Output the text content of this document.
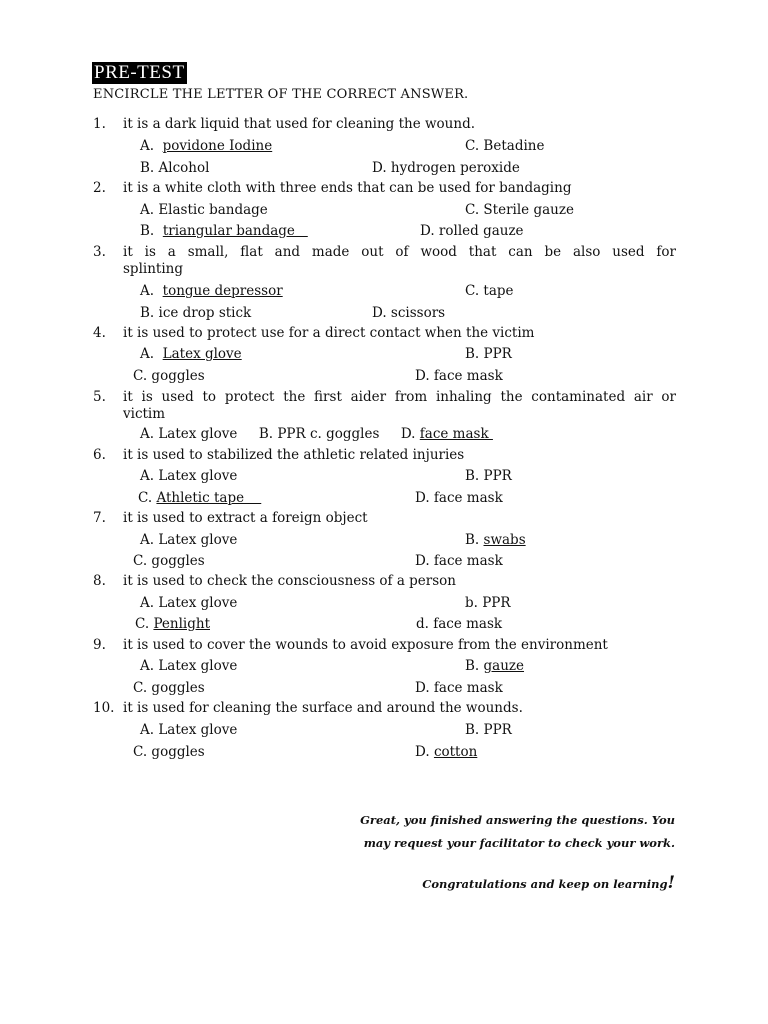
PRE-TEST
ENCIRCLE THE LETTER OF THE CORRECT ANSWER.
1. it is a dark liquid that used for cleaning the wound.
A. povidone Iodine	C. Betadine
B. Alcohol	D. hydrogen peroxide
2. it is a white cloth with three ends that can be used for bandaging
A. Elastic bandage	C. Sterile gauze
B. triangular bandage	D. rolled gauze
3. it is a small, flat and made out of wood that can be also used for
splinting
A. tongue depressor	C. tape
B. ice drop stick	D. scissors
4. it is used to protect use for a direct contact when the victim
A. Latex glove	B. PPR
C. goggles	D. face mask
5. it is used to protect the first aider from inhaling the contaminated air or
victim
A. Latex glove     B. PPR c. goggles     D. face mask
6. it is used to stabilized the athletic related injuries
A. Latex glove	B. PPR
C. Athletic tape	D. face mask
7. it is used to extract a foreign object
A. Latex glove	B. swabs
C. goggles	D. face mask
8. it is used to check the consciousness of a person
A. Latex glove	b. PPR
C. Penlight	d. face mask
9. it is used to cover the wounds to avoid exposure from the environment
A. Latex glove	B. gauze
C. goggles	D. face mask
10. it is used for cleaning the surface and around the wounds.
A. Latex glove	B. PPR
C. goggles	D. cotton
Great, you finished answering the questions. You
may request your facilitator to check your work.
Congratulations and keep on learning!
